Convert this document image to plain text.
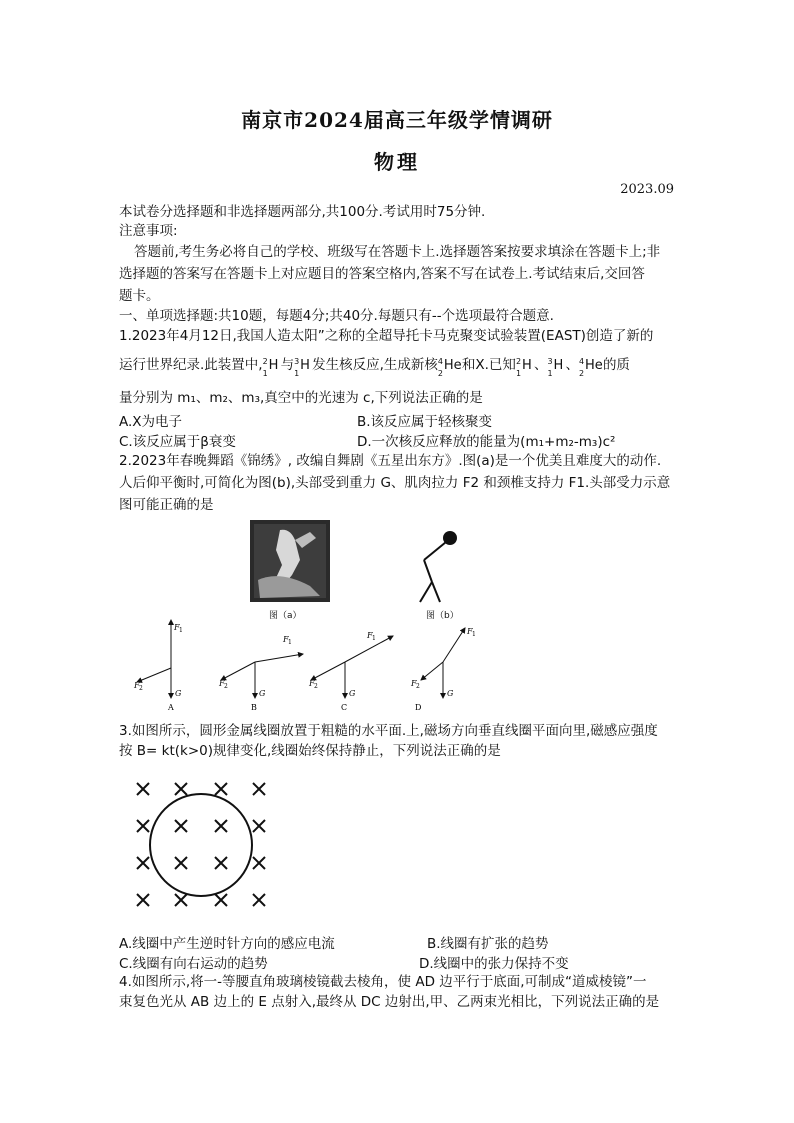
南京市2024届高三年级学情调研
物理
2023.09
本试卷分选择题和非选择题两部分,共100分.考试用时75分钟.
注意事项:
答题前,考生务必将自己的学校、班级写在答题卡上.选择题答案按要求填涂在答题卡上;非
选择题的答案写在答题卡上对应题目的答案空格内,答案不写在试卷上.考试结束后,交回答
题卡。
一、单项选择题:共10题，每题4分;共40分.每题只有--个选项最符合题意.
1.2023年4月12日,我国人造太阳”之称的全超导托卡马克聚变试验装置(EAST)创造了新的
运行世界纪录.此装置中, 2
1
H 与 3
1
H 发生核反应,生成新核 4
2
He 和X.已知 2
1
H 、 3
1
H 、 4
2
He 的质
量分别为 m₁、m₂、m₃,真空中的光速为 c,下列说法正确的是
A.X为电子	B.该反应属于轻核聚变
C.该反应属于β衰变	D.一次核反应释放的能量为(m₁+m₂-m₃)c²
2.2023年春晚舞蹈《锦绣》, 改编自舞剧《五星出东方》.图(a)是一个优美且难度大的动作.
人后仰平衡时,可简化为图(b),头部受到重力 G、肌肉拉力 F2 和颈椎支持力 F1.头部受力示意
图可能正确的是
图（a）	图（b）
F 1
F 2
G
A
F 1
F 2
G
B
F 1
F 2
G
C
F 1
F 2
G
D
3.如图所示，圆形金属线圈放置于粗糙的水平面.上,磁场方向垂直线圈平面向里,磁感应强度
按 B= kt(k>0)规律变化,线圈始终保持静止，下列说法正确的是
A.线圈中产生逆时针方向的感应电流	B.线圈有扩张的趋势
C.线圈有向右运动的趋势	D.线圈中的张力保持不变
4.如图所示,将一-等腰直角玻璃棱镜截去棱角，使 AD 边平行于底面,可制成“道威棱镜”一
束复色光从 AB 边上的 E 点射入,最终从 DC 边射出,甲、乙两束光相比，下列说法正确的是
